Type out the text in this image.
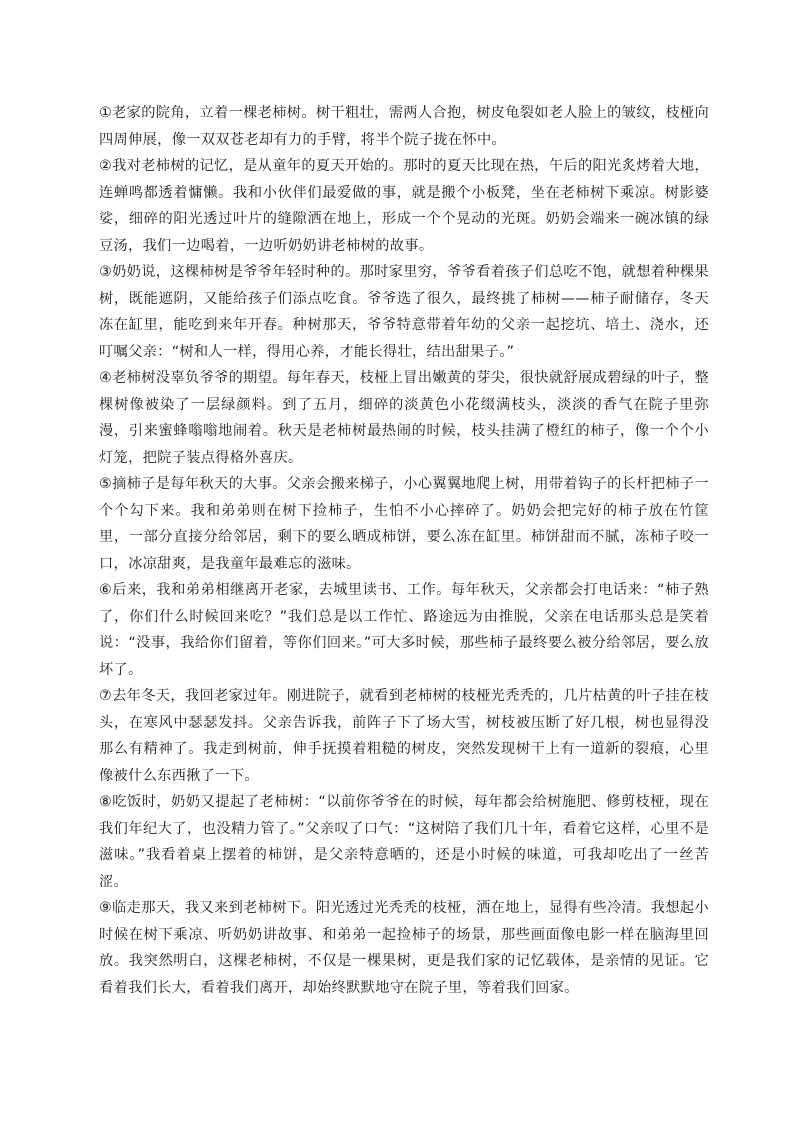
①老家的院角，立着一棵老柿树。树干粗壮，需两人合抱，树皮龟裂如老人脸上的皱纹，枝桠向四周伸展，像一双双苍老却有力的手臂，将半个院子拢在怀中。

②我对老柿树的记忆，是从童年的夏天开始的。那时的夏天比现在热，午后的阳光炙烤着大地，连蝉鸣都透着慵懒。我和小伙伴们最爱做的事，就是搬个小板凳，坐在老柿树下乘凉。树影婆娑，细碎的阳光透过叶片的缝隙洒在地上，形成一个个晃动的光斑。奶奶会端来一碗冰镇的绿豆汤，我们一边喝着，一边听奶奶讲老柿树的故事。

③奶奶说，这棵柿树是爷爷年轻时种的。那时家里穷，爷爷看着孩子们总吃不饱，就想着种棵果树，既能遮阴，又能给孩子们添点吃食。爷爷选了很久，最终挑了柿树——柿子耐储存，冬天冻在缸里，能吃到来年开春。种树那天，爷爷特意带着年幼的父亲一起挖坑、培土、浇水，还叮嘱父亲：“树和人一样，得用心养，才能长得壮，结出甜果子。”

④老柿树没辜负爷爷的期望。每年春天，枝桠上冒出嫩黄的芽尖，很快就舒展成碧绿的叶子，整棵树像被染了一层绿颜料。到了五月，细碎的淡黄色小花缀满枝头，淡淡的香气在院子里弥漫，引来蜜蜂嗡嗡地闹着。秋天是老柿树最热闹的时候，枝头挂满了橙红的柿子，像一个个小灯笼，把院子装点得格外喜庆。

⑤摘柿子是每年秋天的大事。父亲会搬来梯子，小心翼翼地爬上树，用带着钩子的长杆把柿子一个个勾下来。我和弟弟则在树下捡柿子，生怕不小心摔碎了。奶奶会把完好的柿子放在竹筐里，一部分直接分给邻居，剩下的要么晒成柿饼，要么冻在缸里。柿饼甜而不腻，冻柿子咬一口，冰凉甜爽，是我童年最难忘的滋味。

⑥后来，我和弟弟相继离开老家，去城里读书、工作。每年秋天，父亲都会打电话来：“柿子熟了，你们什么时候回来吃？”我们总是以工作忙、路途远为由推脱，父亲在电话那头总是笑着说：“没事，我给你们留着，等你们回来。”可大多时候，那些柿子最终要么被分给邻居，要么放坏了。

⑦去年冬天，我回老家过年。刚进院子，就看到老柿树的枝桠光秃秃的，几片枯黄的叶子挂在枝头，在寒风中瑟瑟发抖。父亲告诉我，前阵子下了场大雪，树枝被压断了好几根，树也显得没那么有精神了。我走到树前，伸手抚摸着粗糙的树皮，突然发现树干上有一道新的裂痕，心里像被什么东西揪了一下。

⑧吃饭时，奶奶又提起了老柿树：“以前你爷爷在的时候，每年都会给树施肥、修剪枝桠，现在我们年纪大了，也没精力管了。”父亲叹了口气：“这树陪了我们几十年，看着它这样，心里不是滋味。”我看着桌上摆着的柿饼，是父亲特意晒的，还是小时候的味道，可我却吃出了一丝苦涩。

⑨临走那天，我又来到老柿树下。阳光透过光秃秃的枝桠，洒在地上，显得有些冷清。我想起小时候在树下乘凉、听奶奶讲故事、和弟弟一起捡柿子的场景，那些画面像电影一样在脑海里回放。我突然明白，这棵老柿树，不仅是一棵果树，更是我们家的记忆载体，是亲情的见证。它看着我们长大，看着我们离开，却始终默默地守在院子里，等着我们回家。
